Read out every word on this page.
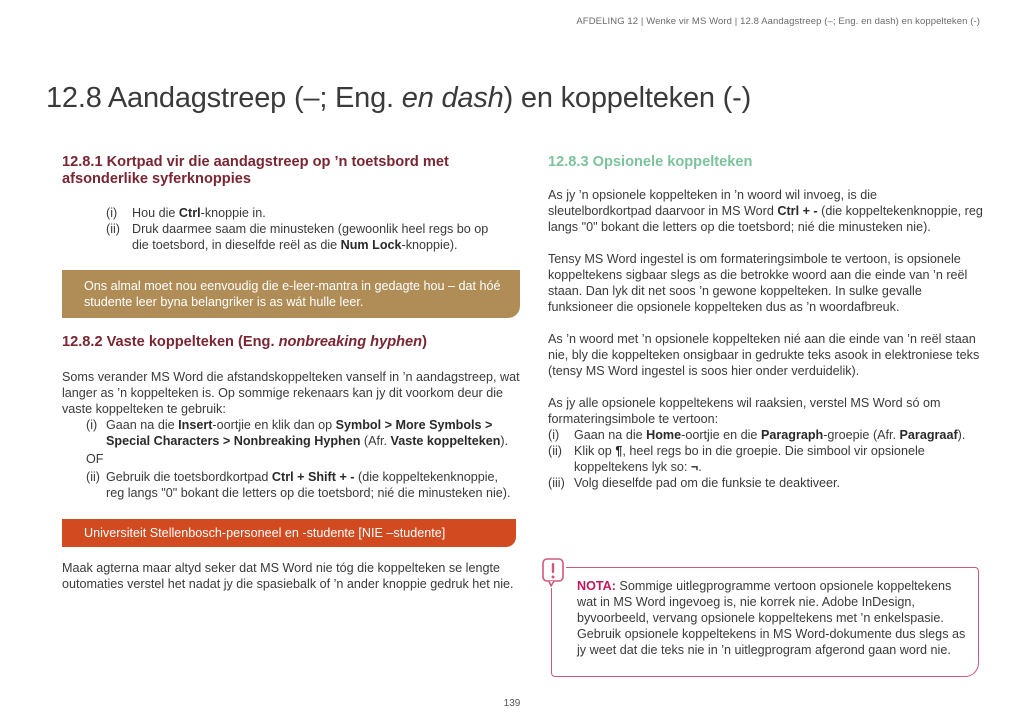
AFDELING 12 | Wenke vir MS Word | 12.8 Aandagstreep (–; Eng. en dash) en koppelteken (-)
12.8 Aandagstreep (–; Eng. en dash) en koppelteken (-)
12.8.1 Kortpad vir die aandagstreep op ’n toetsbord met afsonderlike syferknoppies
(i)	Hou die Ctrl-knoppie in.
(ii) Druk daarmee saam die minusteken (gewoonlik heel regs bo op die toetsbord, in dieselfde reël as die Num Lock-knoppie).
Ons almal moet nou eenvoudig die e-leer-mantra in gedagte hou – dat hóé studente leer byna belangriker is as wát hulle leer.
12.8.2 Vaste koppelteken (Eng. nonbreaking hyphen)

Soms verander MS Word die afstandskoppelteken vanself in ’n aandagstreep, wat langer as ’n koppelteken is. Op sommige rekenaars kan jy dit voorkom deur die vaste koppelteken te gebruik:

(i) Gaan na die Insert-oortjie en klik dan op Symbol > More Symbols > Special Characters > Nonbreaking Hyphen (Afr. Vaste koppelteken).
OF
(ii) Gebruik die toetsbordkortpad Ctrl + Shift + - (die koppeltekenknoppie, reg langs "0" bokant die letters op die toetsbord; nié die minusteken nie).
Universiteit Stellenbosch-personeel en -studente [NIE –studente]

Maak agterna maar altyd seker dat MS Word nie tóg die koppelteken se lengte outomaties verstel het nadat jy die spasiebalk of ’n ander knoppie gedruk het nie.

12.8.3 Opsionele koppelteken

As jy ’n opsionele koppelteken in ’n woord wil invoeg, is die sleutelbordkortpad daarvoor in MS Word Ctrl + - (die koppeltekenknoppie, reg langs "0" bokant die letters op die toetsbord; nié die minusteken nie).

Tensy MS Word ingestel is om formateringsimbole te vertoon, is opsionele koppeltekens sigbaar slegs as die betrokke woord aan die einde van ’n reël staan. Dan lyk dit net soos ’n gewone koppelteken. In sulke gevalle funksioneer die opsionele koppelteken dus as ’n woordafbreuk.

As ’n woord met ’n opsionele koppelteken nié aan die einde van ’n reël staan nie, bly die koppelteken onsigbaar in gedrukte teks asook in elektroniese teks (tensy MS Word ingestel is soos hier onder verduidelik).

As jy alle opsionele koppeltekens wil raaksien, verstel MS Word só om formateringsimbole te vertoon:

(i)	Gaan na die Home-oortjie en die Paragraph-groepie (Afr. Paragraaf).
(ii) Klik op ¶, heel regs bo in die groepie. Die simbool vir opsionele koppeltekens lyk so: ¬.
(iii) Volg dieselfde pad om die funksie te deaktiveer.

NOTA: Sommige uitlegprogramme vertoon opsionele koppeltekens wat in MS Word ingevoeg is, nie korrek nie. Adobe InDesign, byvoorbeeld, vervang opsionele koppeltekens met ’n enkelspasie. Gebruik opsionele koppeltekens in MS Word-dokumente dus slegs as jy weet dat die teks nie in ’n uitlegprogram afgerond gaan word nie.

139
